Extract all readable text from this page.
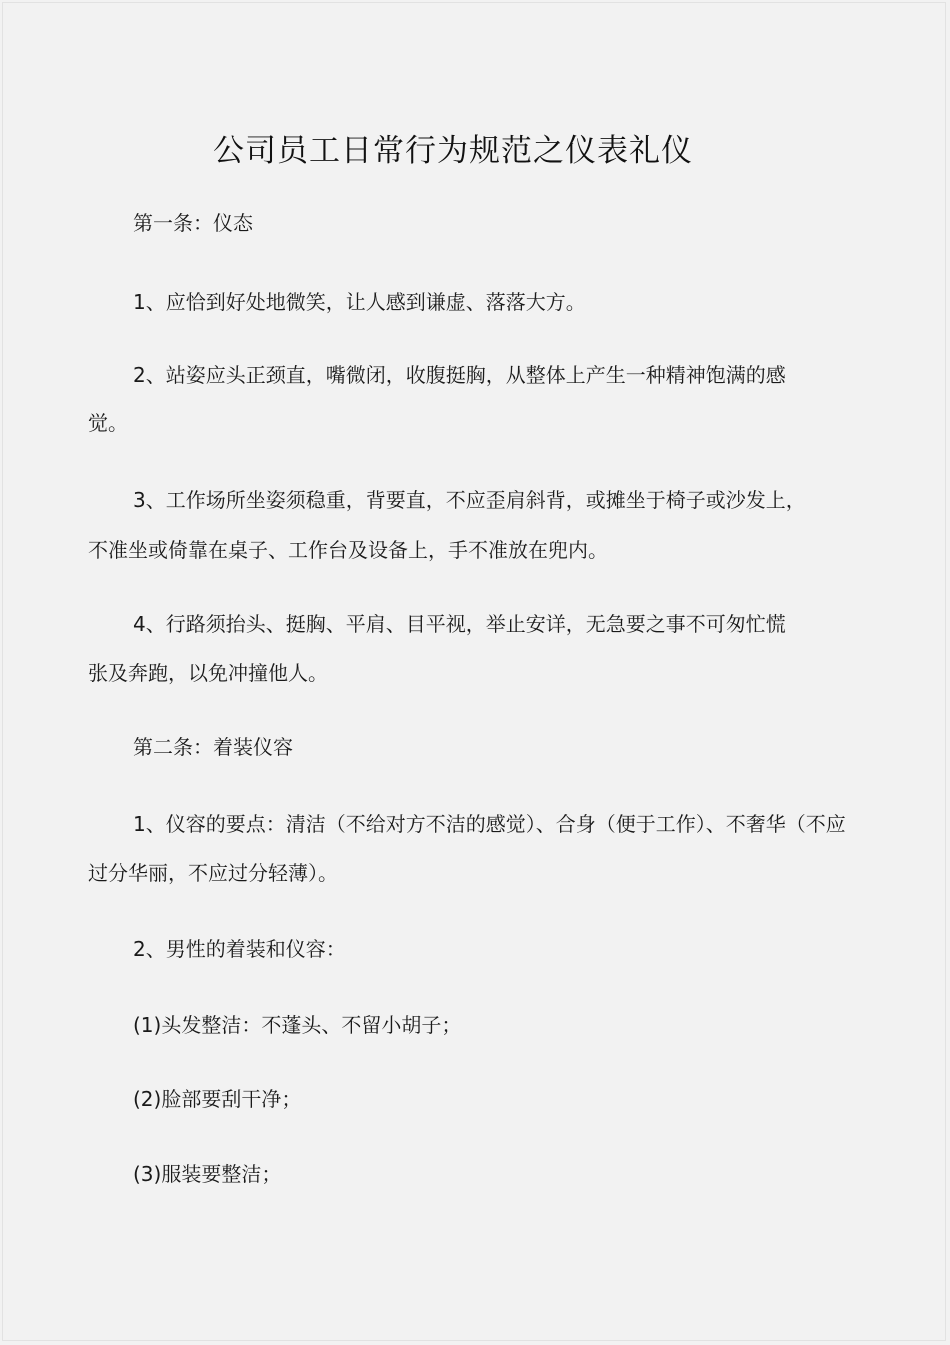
公司员工日常行为规范之仪表礼仪
第一条：仪态
1、应恰到好处地微笑，让人感到谦虚、落落大方。
2、站姿应头正颈直，嘴微闭，收腹挺胸，从整体上产生一种精神饱满的感
觉。
3、工作场所坐姿须稳重，背要直，不应歪肩斜背，或摊坐于椅子或沙发上，
不准坐或倚靠在桌子、工作台及设备上，手不准放在兜内。
4、行路须抬头、挺胸、平肩、目平视，举止安详，无急要之事不可匆忙慌
张及奔跑，以免冲撞他人。
第二条：着装仪容
1、仪容的要点：清洁（不给对方不洁的感觉）、合身（便于工作）、不奢华（不应
过分华丽，不应过分轻薄）。
2、男性的着装和仪容：
(1)头发整洁：不蓬头、不留小胡子；
(2)脸部要刮干净；
(3)服装要整洁；
